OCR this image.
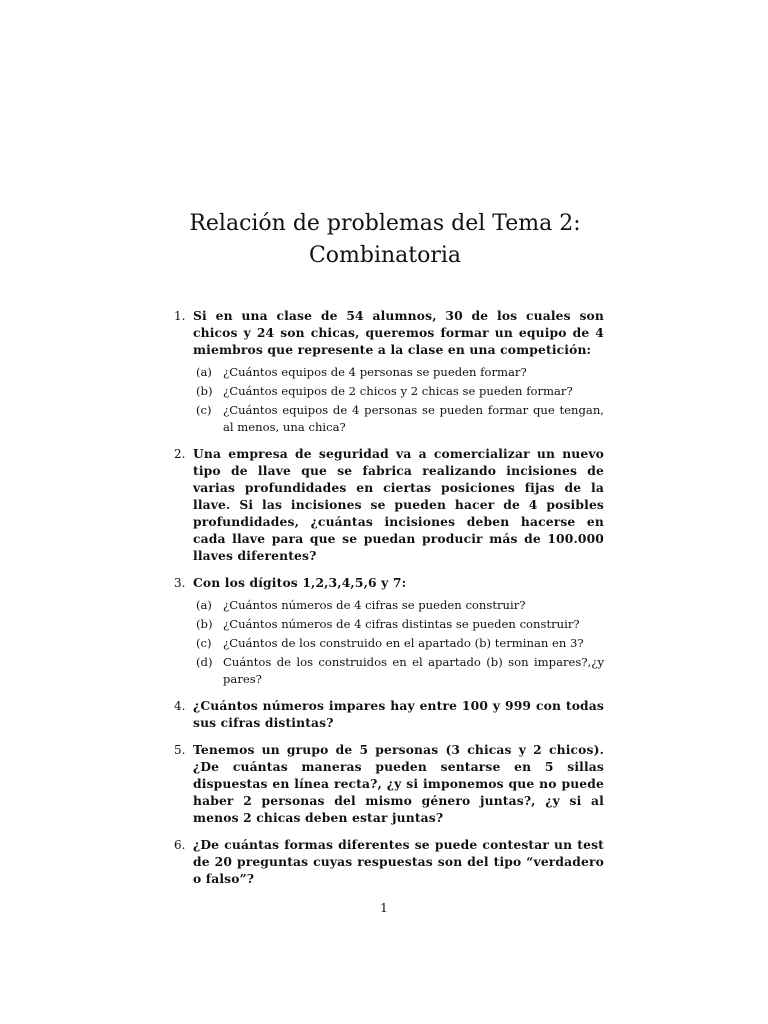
Relación de problemas del Tema 2:
Combinatoria
1. Si en una clase de 54 alumnos, 30 de los cuales son chicos y 24 son chicas, queremos formar un equipo de 4 miembros que represente a la clase en una competición:
(a) ¿Cuántos equipos de 4 personas se pueden formar?
(b) ¿Cuántos equipos de 2 chicos y 2 chicas se pueden formar?
(c) ¿Cuántos equipos de 4 personas se pueden formar que tengan, al menos, una chica?
2. Una empresa de seguridad va a comercializar un nuevo tipo de llave que se fabrica realizando incisiones de varias profundidades en ciertas posiciones fijas de la llave. Si las incisiones se pueden hacer de 4 posibles profundidades, ¿cuántas incisiones deben hacerse en cada llave para que se puedan producir más de 100.000 llaves diferentes?
3. Con los dígitos 1,2,3,4,5,6 y 7:
(a) ¿Cuántos números de 4 cifras se pueden construir?
(b) ¿Cuántos números de 4 cifras distintas se pueden construir?
(c) ¿Cuántos de los construido en el apartado (b) terminan en 3?
(d) Cuántos de los construidos en el apartado (b) son impares?,¿y pares?
4. ¿Cuántos números impares hay entre 100 y 999 con todas sus cifras distintas?
5. Tenemos un grupo de 5 personas (3 chicas y 2 chicos). ¿De cuántas maneras pueden sentarse en 5 sillas dispuestas en línea recta?, ¿y si imponemos que no puede haber 2 personas del mismo género juntas?, ¿y si al menos 2 chicas deben estar juntas?
6. ¿De cuántas formas diferentes se puede contestar un test de 20 preguntas cuyas respuestas son del tipo “verdadero o falso”?
1
